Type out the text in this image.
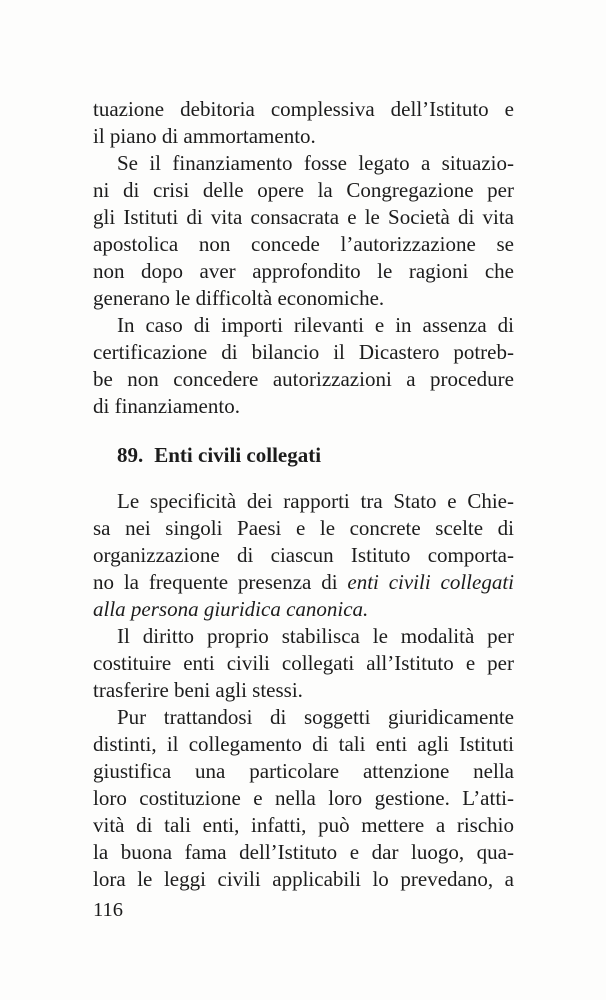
tuazione debitoria complessiva dell’Istituto e
il piano di ammortamento.
Se il finanziamento fosse legato a situazio-
ni di crisi delle opere la Congregazione per
gli Istituti di vita consacrata e le Società di vita
apostolica non concede l’autorizzazione se
non dopo aver approfondito le ragioni che
generano le difficoltà economiche.
In caso di importi rilevanti e in assenza di
certificazione di bilancio il Dicastero potreb-
be non concedere autorizzazioni a procedure
di finanziamento.
89. Enti civili collegati
Le specificità dei rapporti tra Stato e Chie-
sa nei singoli Paesi e le concrete scelte di
organizzazione di ciascun Istituto comporta-
no la frequente presenza di enti civili collegati
alla persona giuridica canonica.
Il diritto proprio stabilisca le modalità per
costituire enti civili collegati all’Istituto e per
trasferire beni agli stessi.
Pur trattandosi di soggetti giuridicamente
distinti, il collegamento di tali enti agli Istituti
giustifica una particolare attenzione nella
loro costituzione e nella loro gestione. L’atti-
vità di tali enti, infatti, può mettere a rischio
la buona fama dell’Istituto e dar luogo, qua-
lora le leggi civili applicabili lo prevedano, a
116
